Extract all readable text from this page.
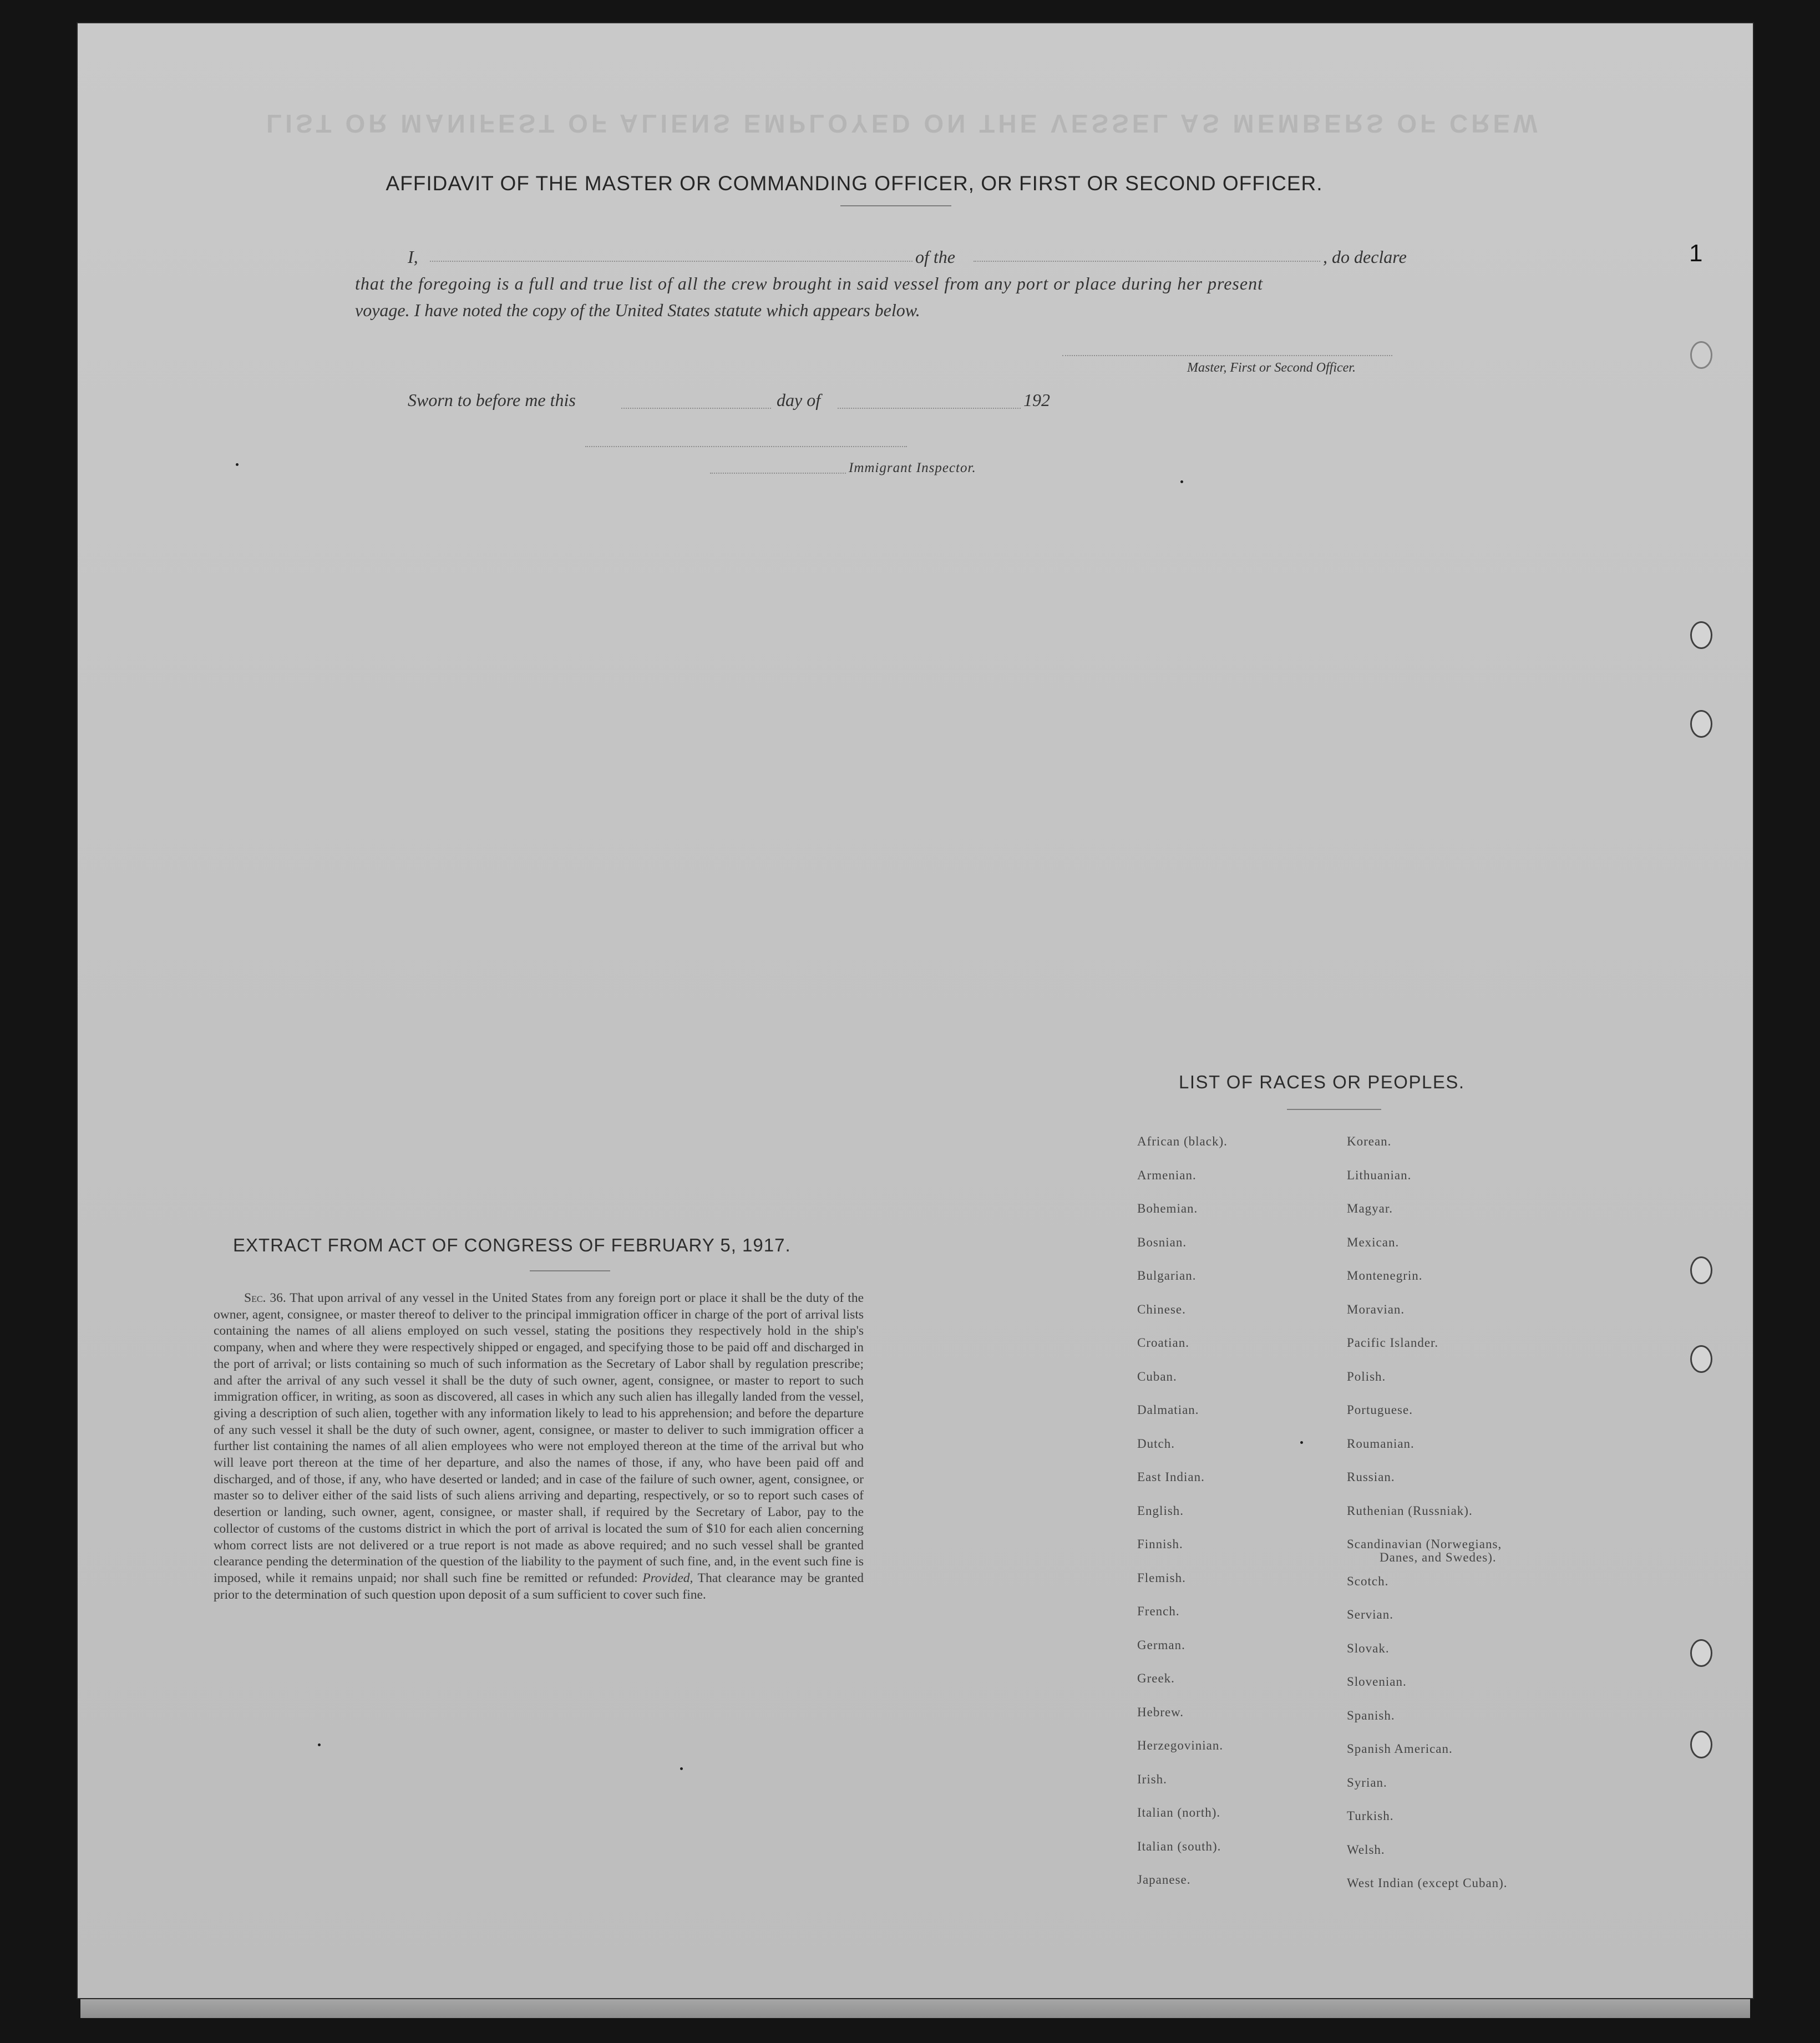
LIST OR MANIFEST OF ALIENS EMPLOYED ON THE VESSEL AS MEMBERS OF CREW
AFFIDAVIT OF THE MASTER OR COMMANDING OFFICER, OR FIRST OR SECOND OFFICER.
I,	of the	, do declare
that the foregoing is a full and true list of all the crew brought in said vessel from any port or place during her present
voyage. I have noted the copy of the United States statute which appears below.
Master, First or Second Officer.
Sworn to before me this	day of	192
Immigrant Inspector.
EXTRACT FROM ACT OF CONGRESS OF FEBRUARY 5, 1917.

Sec. 36. That upon arrival of any vessel in the United States from any foreign port or place it shall be the duty of the owner, agent, consignee, or master thereof to deliver to the principal immigration officer in charge of the port of arrival lists containing the names of all aliens employed on such vessel, stating the positions they respectively hold in the ship's company, when and where they were respectively shipped or engaged, and specifying those to be paid off and discharged in the port of arrival; or lists containing so much of such information as the Secretary of Labor shall by regulation prescribe; and after the arrival of any such vessel it shall be the duty of such owner, agent, consignee, or master to report to such immigration officer, in writing, as soon as discovered, all cases in which any such alien has illegally landed from the vessel, giving a description of such alien, together with any information likely to lead to his apprehension; and before the departure of any such vessel it shall be the duty of such owner, agent, consignee, or master to deliver to such immigration officer a further list containing the names of all alien employees who were not employed thereon at the time of the arrival but who will leave port thereon at the time of her departure, and also the names of those, if any, who have been paid off and discharged, and of those, if any, who have deserted or landed; and in case of the failure of such owner, agent, consignee, or master so to deliver either of the said lists of such aliens arriving and departing, respectively, or so to report such cases of desertion or landing, such owner, agent, consignee, or master shall, if required by the Secretary of Labor, pay to the collector of customs of the customs district in which the port of arrival is located the sum of $10 for each alien concerning whom correct lists are not delivered or a true report is not made as above required; and no such vessel shall be granted clearance pending the determination of the question of the liability to the payment of such fine, and, in the event such fine is imposed, while it remains unpaid; nor shall such fine be remitted or refunded: Provided, That clearance may be granted prior to the determination of such question upon deposit of a sum sufficient to cover such fine.

LIST OF RACES OR PEOPLES.
African (black).
Armenian.
Bohemian.
Bosnian.
Bulgarian.
Chinese.
Croatian.
Cuban.
Dalmatian.
Dutch.
East Indian.
English.
Finnish.
Flemish.
French.
German.
Greek.
Hebrew.
Herzegovinian.
Irish.
Italian (north).
Italian (south).
Japanese.
Korean.
Lithuanian.
Magyar.
Mexican.
Montenegrin.
Moravian.
Pacific Islander.
Polish.
Portuguese.
Roumanian.
Russian.
Ruthenian (Russniak).
Scandinavian (Norwegians,
Scotch.
Servian.
Slovak.
Slovenian.
Spanish.
Spanish American.
Syrian.
Turkish.
Welsh.
West Indian (except Cuban).
Danes, and Swedes).
1
